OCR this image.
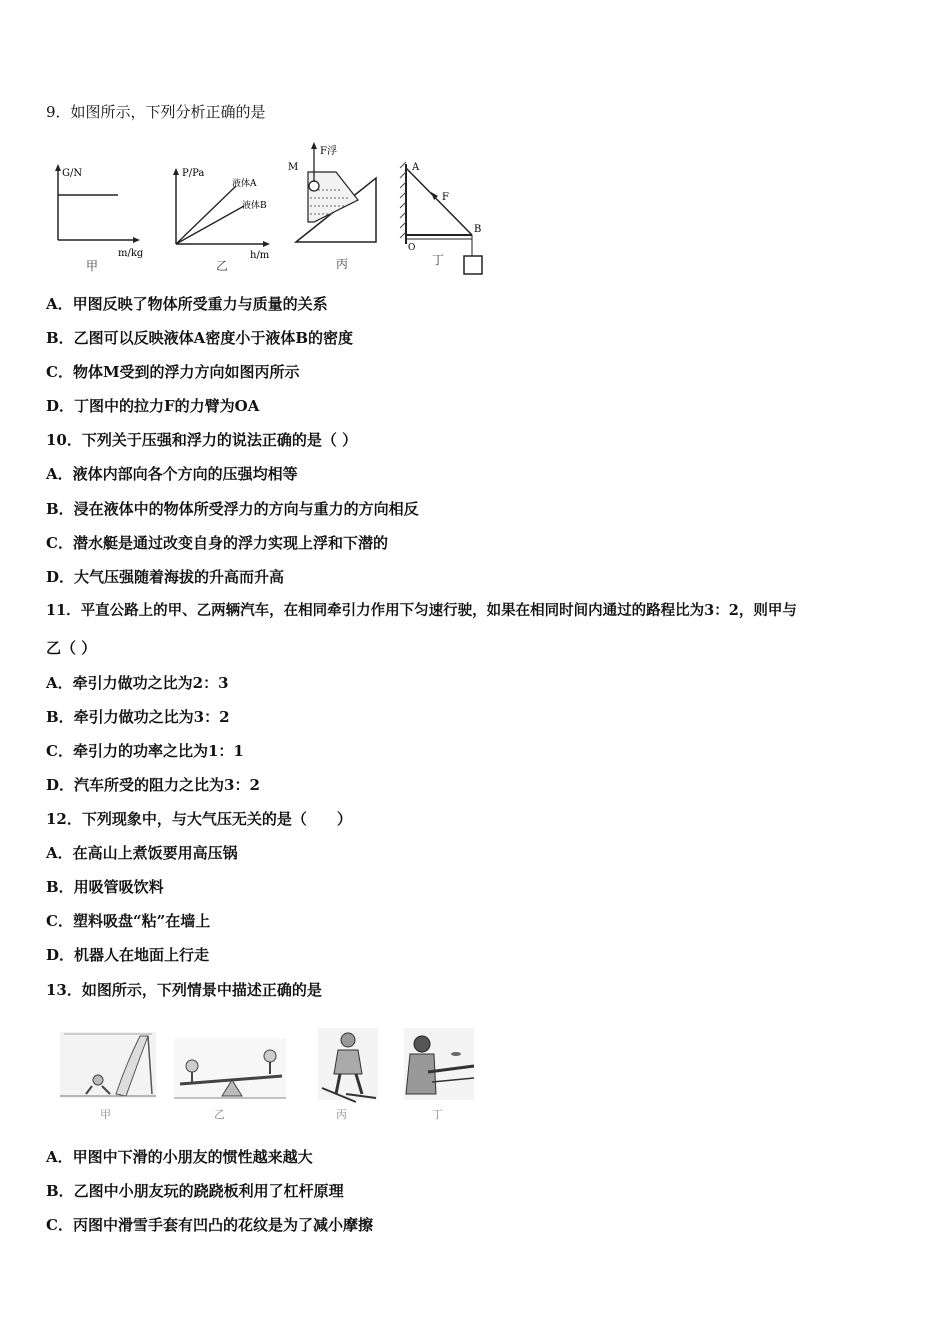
9．如图所示，下列分析正确的是
G/N
m/kg
甲
P/Pa
液体A
液体B
h/m
乙
M
F浮
丙
A
B
O
F
丁
A．甲图反映了物体所受重力与质量的关系
B．乙图可以反映液体A密度小于液体B的密度
C．物体M受到的浮力方向如图丙所示
D．丁图中的拉力F的力臂为OA
10．下列关于压强和浮力的说法正确的是（ ）
A．液体内部向各个方向的压强均相等
B．浸在液体中的物体所受浮力的方向与重力的方向相反
C．潜水艇是通过改变自身的浮力实现上浮和下潜的
D．大气压强随着海拔的升高而升高
11．平直公路上的甲、乙两辆汽车，在相同牵引力作用下匀速行驶，如果在相同时间内通过的路程比为3：2，则甲与
乙（ ）
A．牵引力做功之比为2：3
B．牵引力做功之比为3：2
C．牵引力的功率之比为1：1
D．汽车所受的阻力之比为3：2
12．下列现象中，与大气压无关的是（　　）
A．在高山上煮饭要用高压锅
B．用吸管吸饮料
C．塑料吸盘“粘”在墙上
D．机器人在地面上行走
13．如图所示，下列情景中描述正确的是
甲	乙	丙	丁
A．甲图中下滑的小朋友的惯性越来越大
B．乙图中小朋友玩的跷跷板利用了杠杆原理
C．丙图中滑雪手套有凹凸的花纹是为了减小摩擦
